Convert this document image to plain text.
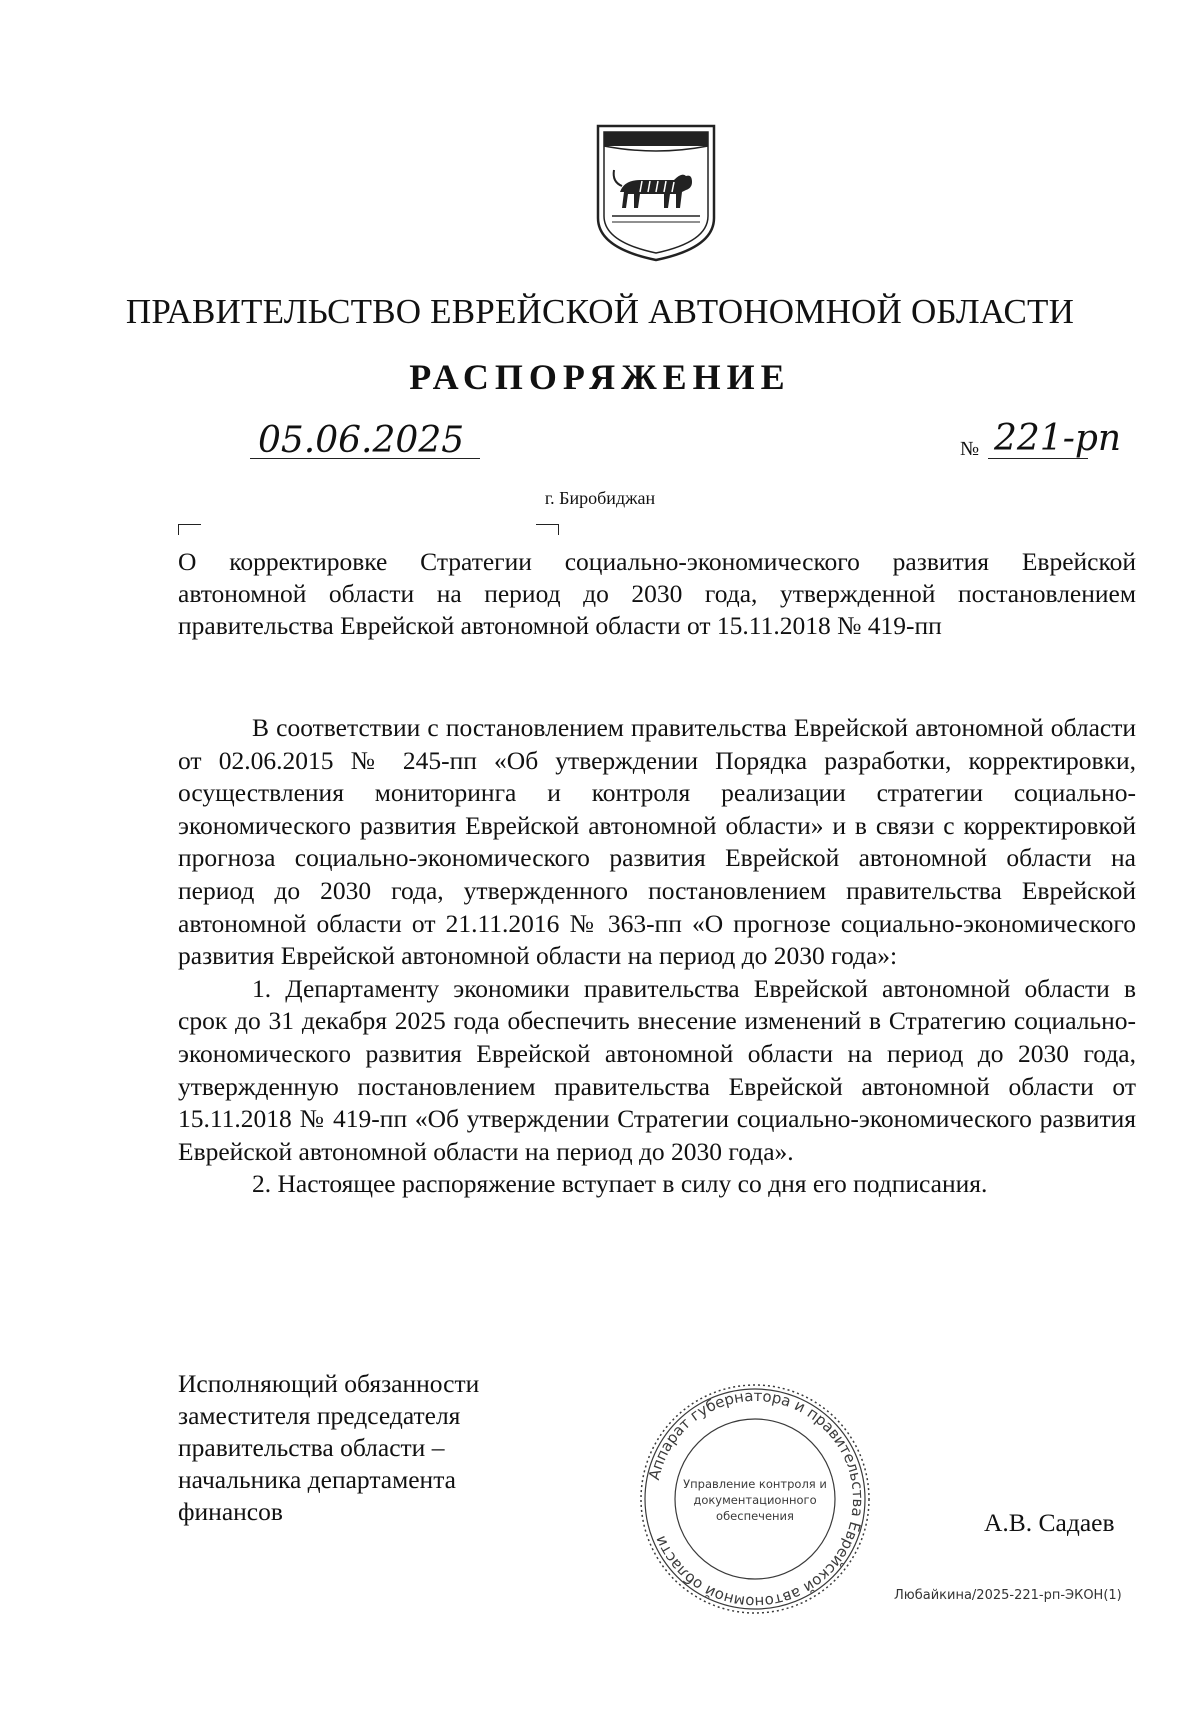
ПРАВИТЕЛЬСТВО ЕВРЕЙСКОЙ АВТОНОМНОЙ ОБЛАСТИ
РАСПОРЯЖЕНИЕ
05.06.2025	№ 221-рп
г. Биробиджан
О корректировке Стратегии социально-экономического развития Еврейской автономной области на период до 2030 года, утвержденной постановлением правительства Еврейской автономной области от 15.11.2018 № 419-пп

В соответствии с постановлением правительства Еврейской автономной области от 02.06.2015 № 245-пп «Об утверждении Порядка разработки, корректировки, осуществления мониторинга и контроля реализации стратегии социально-экономического развития Еврейской автономной области» и в связи с корректировкой прогноза социально-экономического развития Еврейской автономной области на период до 2030 года, утвержденного постановлением правительства Еврейской автономной области от 21.11.2016 № 363-пп «О прогнозе социально-экономического развития Еврейской автономной области на период до 2030 года»:

1. Департаменту экономики правительства Еврейской автономной области в срок до 31 декабря 2025 года обеспечить внесение изменений в Стратегию социально-экономического развития Еврейской автономной области на период до 2030 года, утвержденную постановлением правительства Еврейской автономной области от 15.11.2018 № 419-пп «Об утверждении Стратегии социально-экономического развития Еврейской автономной области на период до 2030 года».

2. Настоящее распоряжение вступает в силу со дня его подписания.

Исполняющий обязанности
заместителя председателя
правительства области –
начальника департамента
финансов
Аппарат губернатора и правительства Еврейской автономной области
Управление контроля и
документационного
обеспечения	А.В. Садаев
Любайкина/2025-221-рп-ЭКОН(1)
